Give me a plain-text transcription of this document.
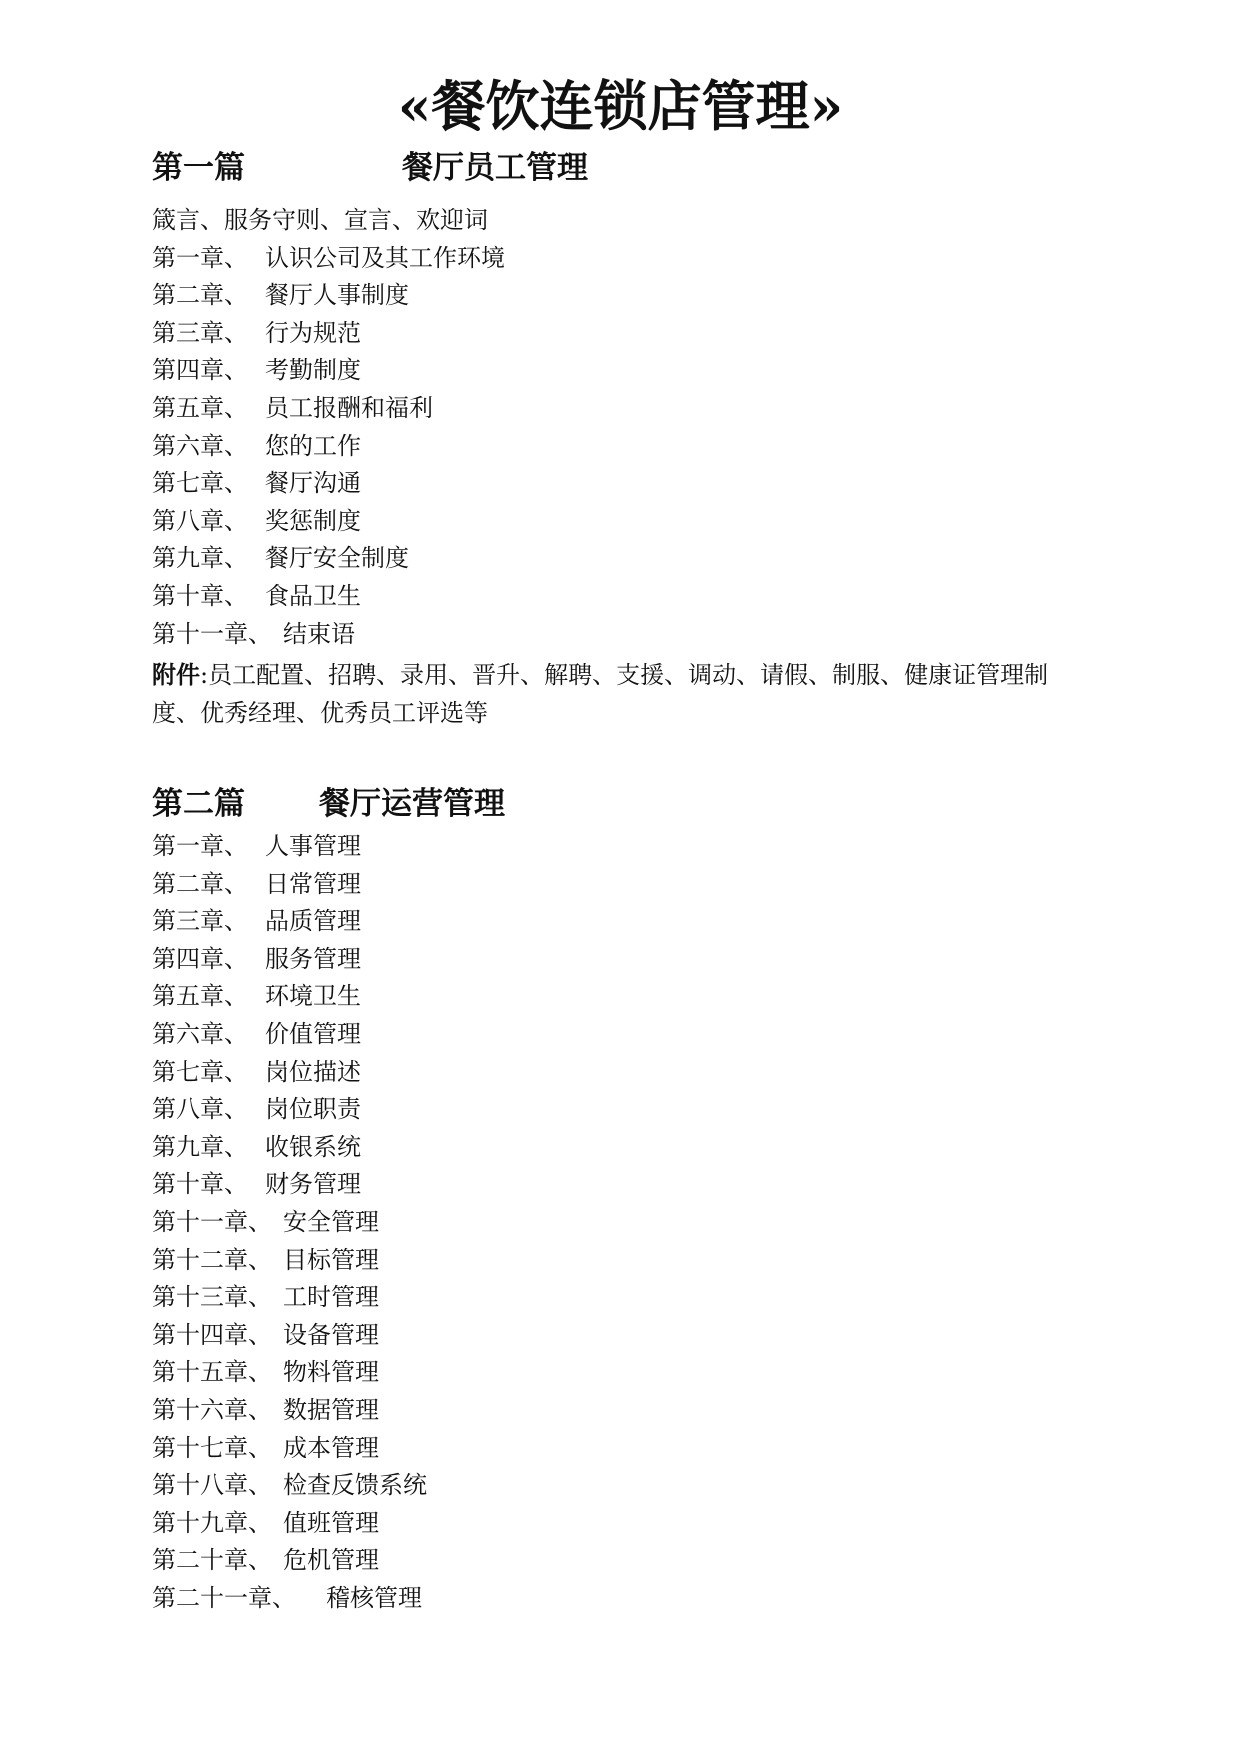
«餐饮连锁店管理»
第一篇	餐厅员工管理
箴言、服务守则、宣言、欢迎词
第一章、 认识公司及其工作环境
第二章、 餐厅人事制度
第三章、 行为规范
第四章、 考勤制度
第五章、 员工报酬和福利
第六章、 您的工作
第七章、 餐厅沟通
第八章、 奖惩制度
第九章、 餐厅安全制度
第十章、 食品卫生
第十一章、 结束语

附件:员工配置、招聘、录用、晋升、解聘、支援、调动、请假、制服、健康证管理制度、优秀经理、优秀员工评选等

第二篇 餐厅运营管理
第一章、 人事管理
第二章、 日常管理
第三章、 品质管理
第四章、 服务管理
第五章、 环境卫生
第六章、 价值管理
第七章、 岗位描述
第八章、 岗位职责
第九章、 收银系统
第十章、 财务管理
第十一章、 安全管理
第十二章、 目标管理
第十三章、 工时管理
第十四章、 设备管理
第十五章、 物料管理
第十六章、 数据管理
第十七章、 成本管理
第十八章、 检查反馈系统
第十九章、 值班管理
第二十章、 危机管理
第二十一章、 稽核管理
